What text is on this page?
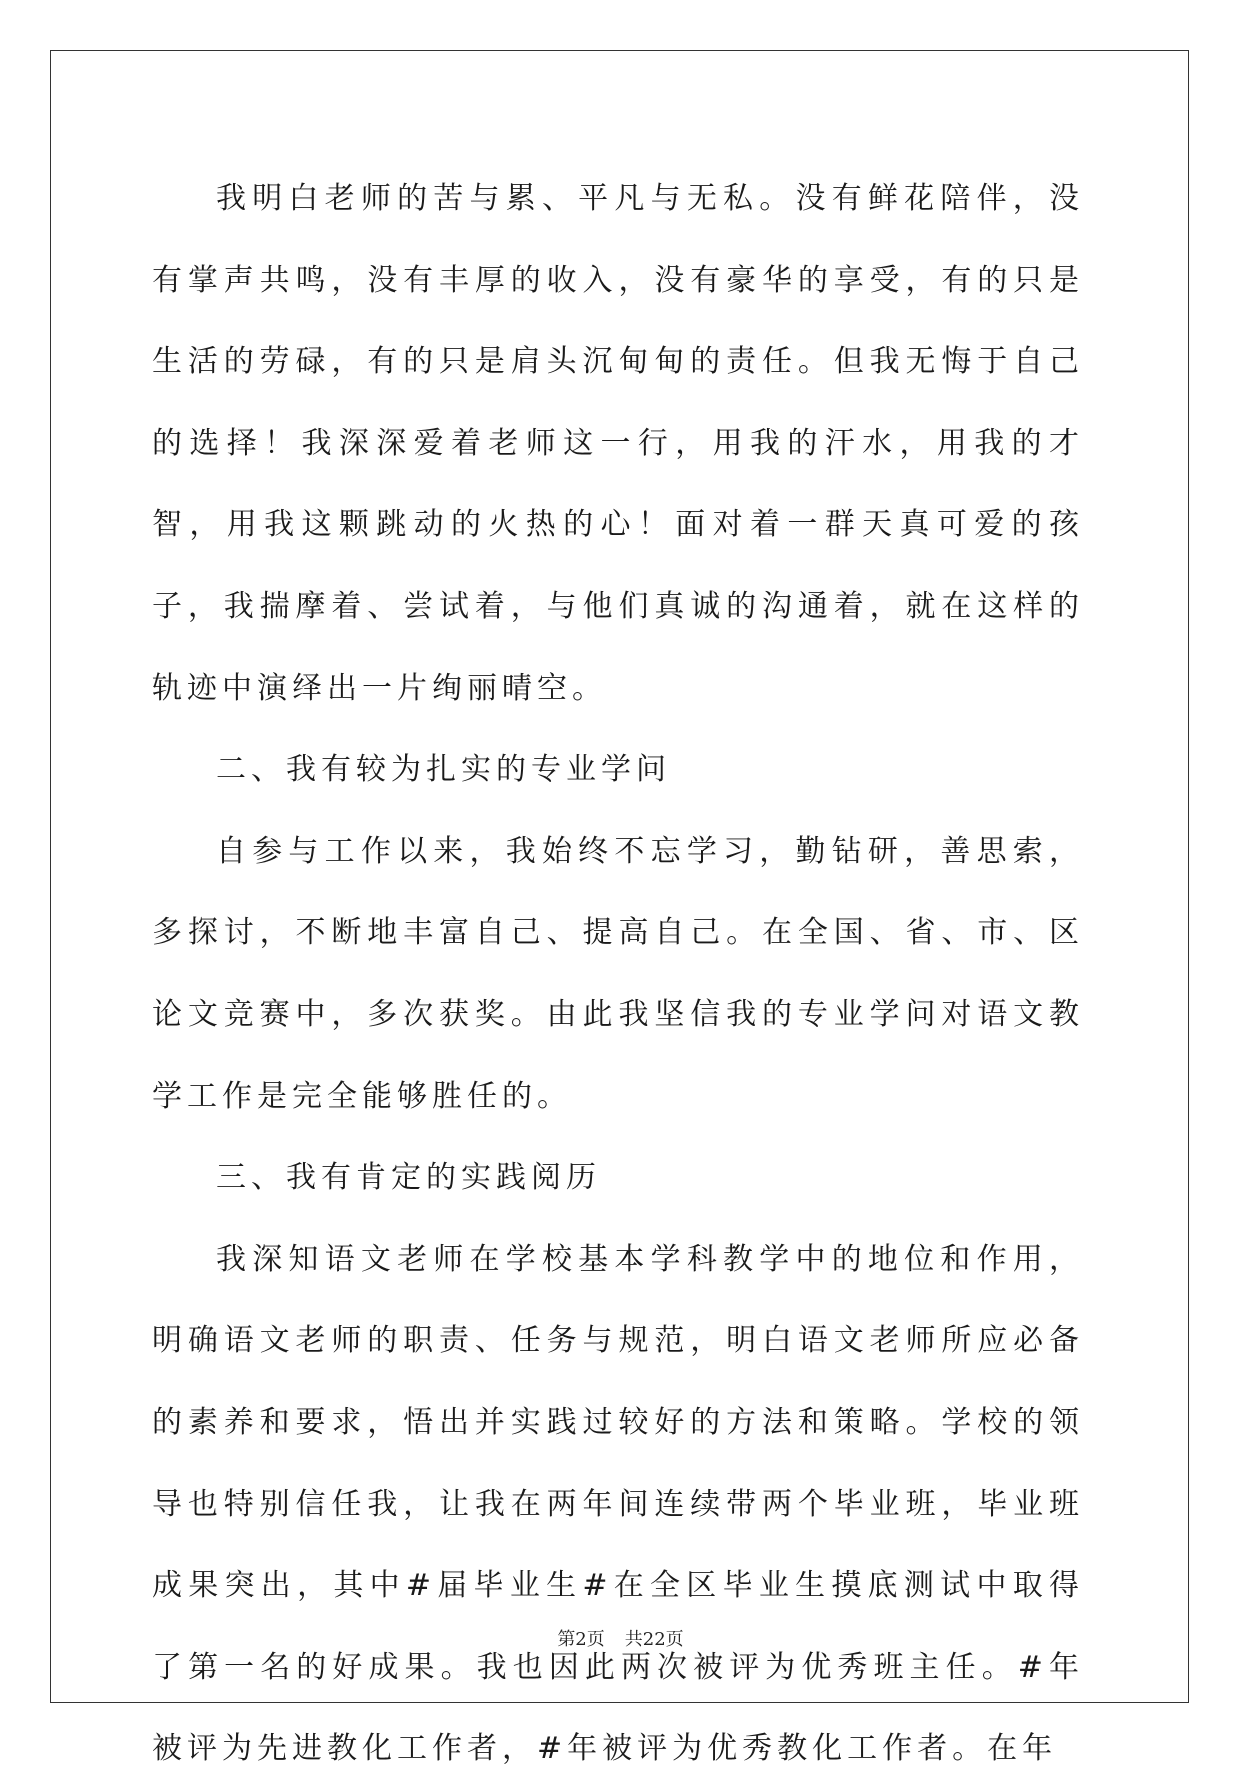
我明白老师的苦与累、平凡与无私。没有鲜花陪伴，没有掌声共鸣，没有丰厚的收入，没有豪华的享受，有的只是生活的劳碌，有的只是肩头沉甸甸的责任。但我无悔于自己的选择！我深深爱着老师这一行，用我的汗水，用我的才智，用我这颗跳动的火热的心！面对着一群天真可爱的孩子，我揣摩着、尝试着，与他们真诚的沟通着，就在这样的轨迹中演绎出一片绚丽晴空。

二、我有较为扎实的专业学问

自参与工作以来，我始终不忘学习，勤钻研，善思索，多探讨，不断地丰富自己、提高自己。在全国、省、市、区论文竞赛中，多次获奖。由此我坚信我的专业学问对语文教学工作是完全能够胜任的。

三、我有肯定的实践阅历

我深知语文老师在学校基本学科教学中的地位和作用，明确语文老师的职责、任务与规范，明白语文老师所应必备的素养和要求，悟出并实践过较好的方法和策略。学校的领导也特别信任我，让我在两年间连续带两个毕业班，毕业班成果突出，其中#届毕业生#在全区毕业生摸底测试中取得了第一名的好成果。我也因此两次被评为优秀班主任。#年被评为先进教化工作者，#年被评为优秀教化工作者。在年

第2页 共22页
